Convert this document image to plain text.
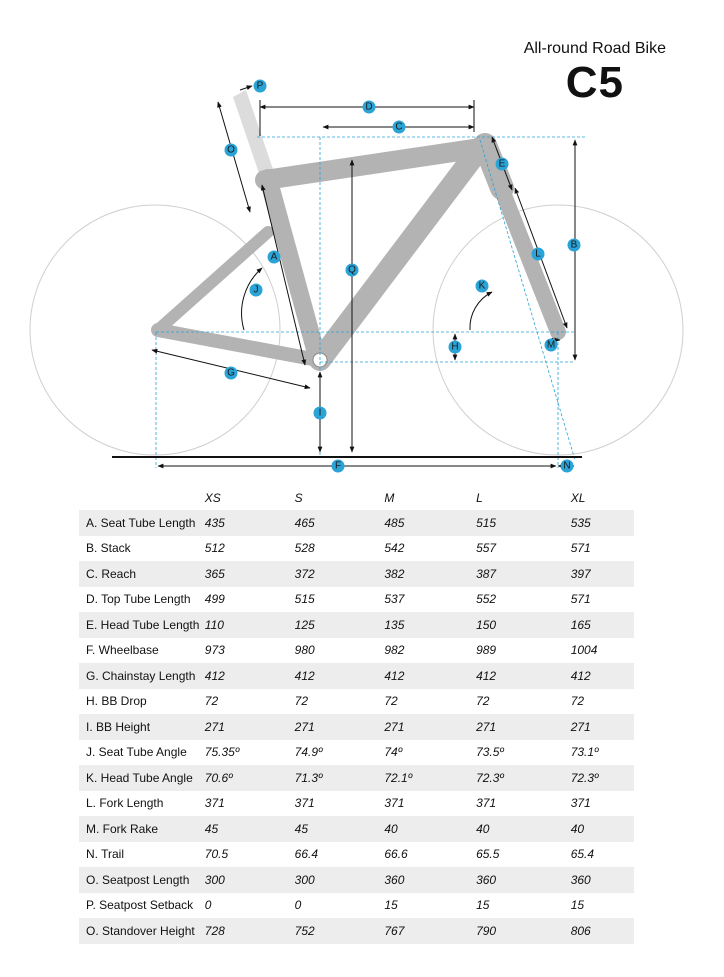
All-round Road Bike
C5
A
B
C
D
E
F
G
H
I
J	K
L
M
N
O
P
Q
	XS	S	M	L	XL
A. Seat Tube Length	435	465	485	515	535
B. Stack	512	528	542	557	571
C. Reach	365	372	382	387	397
D. Top Tube Length	499	515	537	552	571
E. Head Tube Length	110	125	135	150	165
F. Wheelbase	973	980	982	989	1004
G. Chainstay Length	412	412	412	412	412
H. BB Drop	72	72	72	72	72
I. BB Height	271	271	271	271	271
J. Seat Tube Angle	75.35º	74.9º	74º	73.5º	73.1º
K. Head Tube Angle	70.6º	71.3º	72.1º	72.3º	72.3º
L. Fork Length	371	371	371	371	371
M. Fork Rake	45	45	40	40	40
N. Trail	70.5	66.4	66.6	65.5	65.4
O. Seatpost Length	300	300	360	360	360
P. Seatpost Setback	0	0	15	15	15
O. Standover Height	728	752	767	790	806
